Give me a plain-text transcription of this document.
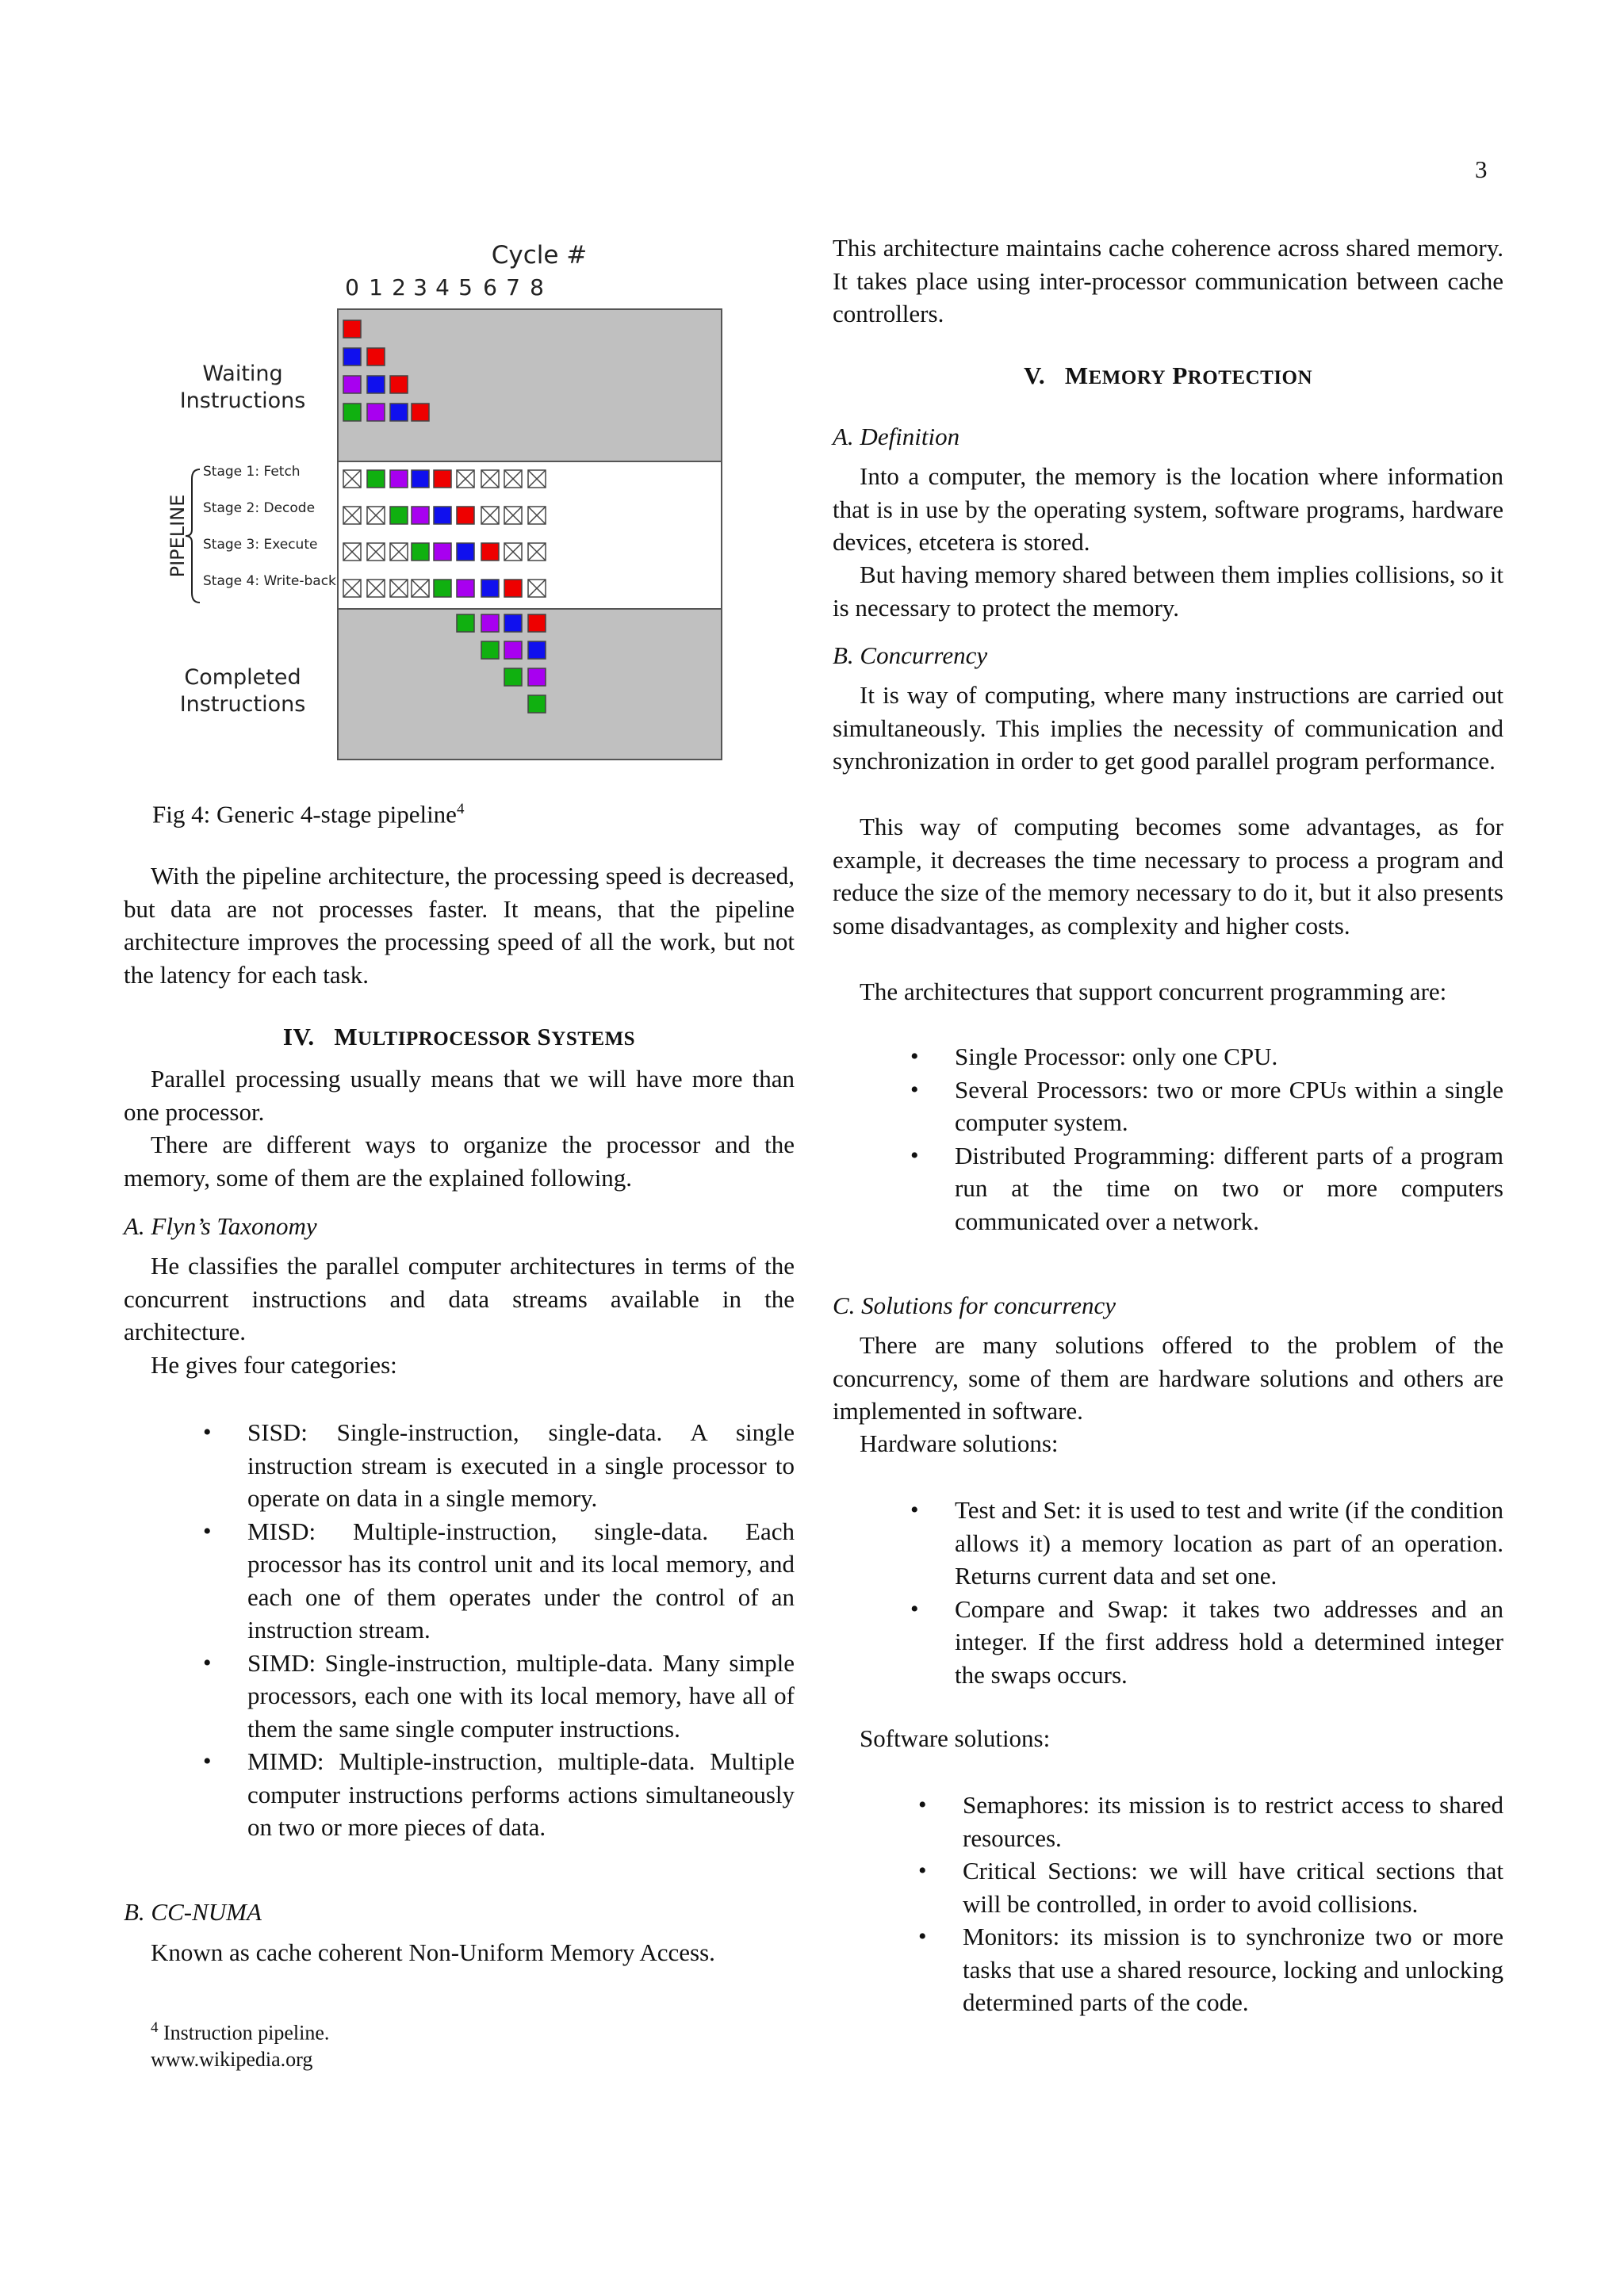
3
Cycle #
0 1 2 3 4 5 6 7 8
Waiting
Instructions
Completed
Instructions
PIPELINE
Stage 1: Fetch
Stage 2: Decode
Stage 3: Execute
Stage 4: Write-back

Fig 4: Generic 4-stage pipeline$^4$

With the pipeline architecture, the processing speed is decreased, but data are not processes faster. It means, that the pipeline architecture improves the processing speed of all the work, but not the latency for each task.

IV. MULTIPROCESSOR SYSTEMS

Parallel processing usually means that we will have more than one processor.

There are different ways to organize the processor and the memory, some of them are the explained following.

A. Flyn’s Taxonomy

He classifies the parallel computer architectures in terms of the concurrent instructions and data streams available in the architecture.

He gives four categories:

• SISD: Single-instruction, single-data. A single instruction stream is executed in a single processor to operate on data in a single memory.
• MISD: Multiple-instruction, single-data. Each processor has its control unit and its local memory, and each one of them operates under the control of an instruction stream.
• SIMD: Single-instruction, multiple-data. Many simple processors, each one with its local memory, have all of them the same single computer instructions.
• MIMD: Multiple-instruction, multiple-data. Multiple computer instructions performs actions simultaneously on two or more pieces of data.

B. CC-NUMA

Known as cache coherent Non-Uniform Memory Access.

$^4$ Instruction pipeline.
www.wikipedia.org

This architecture maintains cache coherence across shared memory. It takes place using inter-processor communication between cache controllers.

V. MEMORY PROTECTION

A. Definition

Into a computer, the memory is the location where information that is in use by the operating system, software programs, hardware devices, etcetera is stored.

But having memory shared between them implies collisions, so it is necessary to protect the memory.

B. Concurrency

It is way of computing, where many instructions are carried out simultaneously. This implies the necessity of communication and synchronization in order to get good parallel program performance.

This way of computing becomes some advantages, as for example, it decreases the time necessary to process a program and reduce the size of the memory necessary to do it, but it also presents some disadvantages, as complexity and higher costs.

The architectures that support concurrent programming are:

• Single Processor: only one CPU.
• Several Processors: two or more CPUs within a single computer system.
• Distributed Programming: different parts of a program run at the time on two or more computers communicated over a network.

C. Solutions for concurrency

There are many solutions offered to the problem of the concurrency, some of them are hardware solutions and others are implemented in software.

Hardware solutions:

• Test and Set: it is used to test and write (if the condition allows it) a memory location as part of an operation. Returns current data and set one.
• Compare and Swap: it takes two addresses and an integer. If the first address hold a determined integer the swaps occurs.

Software solutions:

• Semaphores: its mission is to restrict access to shared resources.
• Critical Sections: we will have critical sections that will be controlled, in order to avoid collisions.
• Monitors: its mission is to synchronize two or more tasks that use a shared resource, locking and unlocking determined parts of the code.
